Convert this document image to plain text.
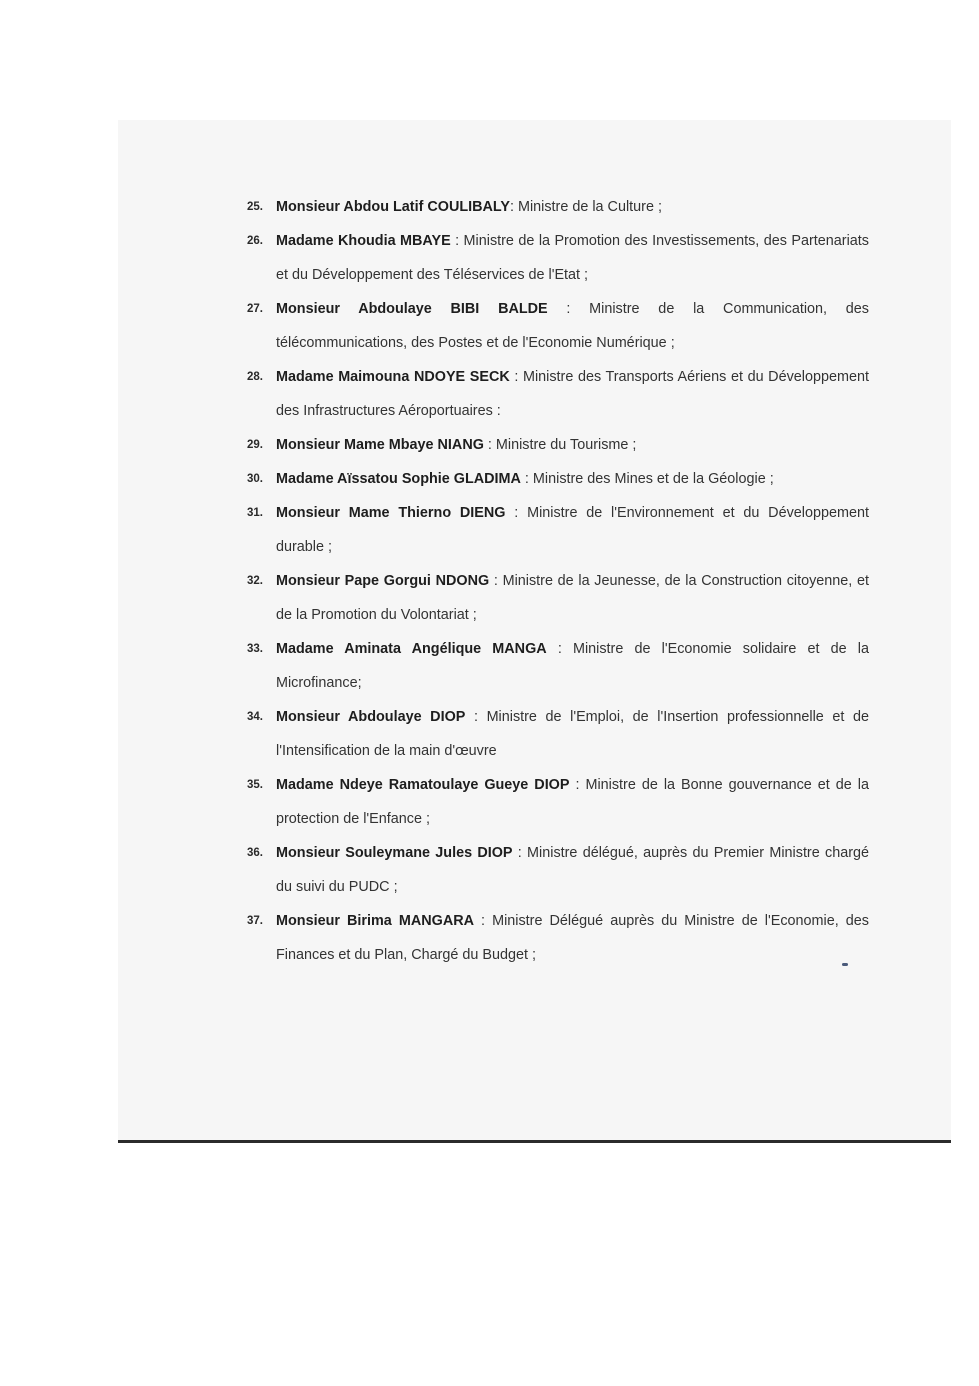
25. Monsieur Abdou Latif COULIBALY: Ministre de la Culture ;
26. Madame Khoudia MBAYE : Ministre de la Promotion des Investissements, des Partenariats et du Développement des Téléservices de l'Etat ;
27. Monsieur Abdoulaye BIBI BALDE : Ministre de la Communication, des télécommunications, des Postes et de l'Economie Numérique ;
28. Madame Maimouna NDOYE SECK : Ministre des Transports Aériens et du Développement des Infrastructures Aéroportuaires :
29. Monsieur Mame Mbaye NIANG : Ministre du Tourisme ;
30. Madame Aïssatou Sophie GLADIMA : Ministre des Mines et de la Géologie ;
31. Monsieur Mame Thierno DIENG : Ministre de l'Environnement et du Développement durable ;
32. Monsieur Pape Gorgui NDONG : Ministre de la Jeunesse, de la Construction citoyenne, et de la Promotion du Volontariat ;
33. Madame Aminata Angélique MANGA : Ministre de l'Economie solidaire et de la Microfinance;
34. Monsieur Abdoulaye DIOP : Ministre de l'Emploi, de l'Insertion professionnelle et de l'Intensification de la main d'œuvre
35. Madame Ndeye Ramatoulaye Gueye DIOP : Ministre de la Bonne gouvernance et de la protection de l'Enfance ;
36. Monsieur Souleymane Jules DIOP : Ministre délégué, auprès du Premier Ministre chargé du suivi du PUDC ;
37. Monsieur Birima MANGARA : Ministre Délégué auprès du Ministre de l'Economie, des Finances et du Plan, Chargé du Budget ;
